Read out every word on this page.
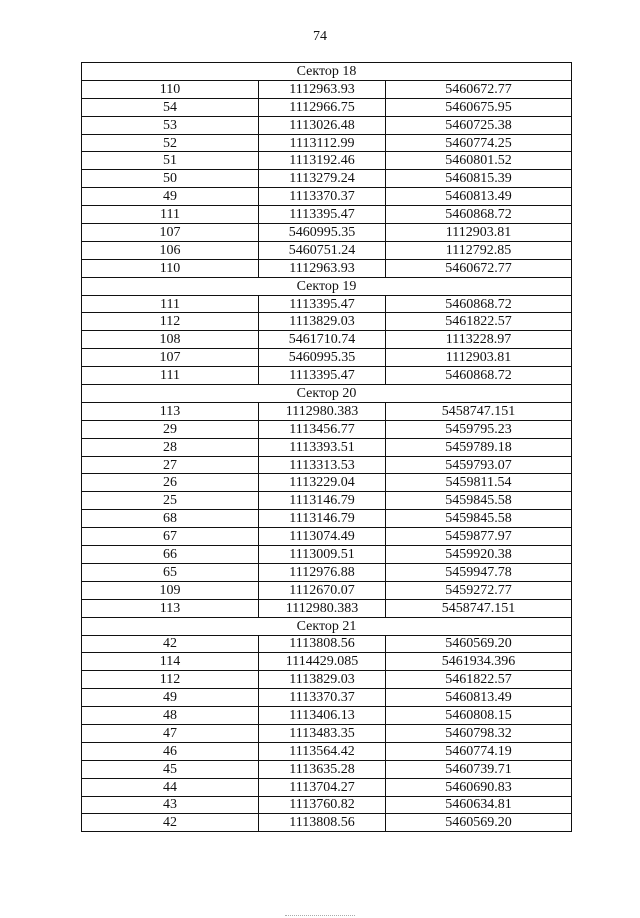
74
Сектор 18		
110	1112963.93	5460672.77
54	1112966.75	5460675.95
53	1113026.48	5460725.38
52	1113112.99	5460774.25
51	1113192.46	5460801.52
50	1113279.24	5460815.39
49	1113370.37	5460813.49
111	1113395.47	5460868.72
107	5460995.35	1112903.81
106	5460751.24	1112792.85
110	1112963.93	5460672.77
Сектор 19		
111	1113395.47	5460868.72
112	1113829.03	5461822.57
108	5461710.74	1113228.97
107	5460995.35	1112903.81
111	1113395.47	5460868.72
Сектор 20		
113	1112980.383	5458747.151
29	1113456.77	5459795.23
28	1113393.51	5459789.18
27	1113313.53	5459793.07
26	1113229.04	5459811.54
25	1113146.79	5459845.58
68	1113146.79	5459845.58
67	1113074.49	5459877.97
66	1113009.51	5459920.38
65	1112976.88	5459947.78
109	1112670.07	5459272.77
113	1112980.383	5458747.151
Сектор 21		
42	1113808.56	5460569.20
114	1114429.085	5461934.396
112	1113829.03	5461822.57
49	1113370.37	5460813.49
48	1113406.13	5460808.15
47	1113483.35	5460798.32
46	1113564.42	5460774.19
45	1113635.28	5460739.71
44	1113704.27	5460690.83
43	1113760.82	5460634.81
42	1113808.56	5460569.20
